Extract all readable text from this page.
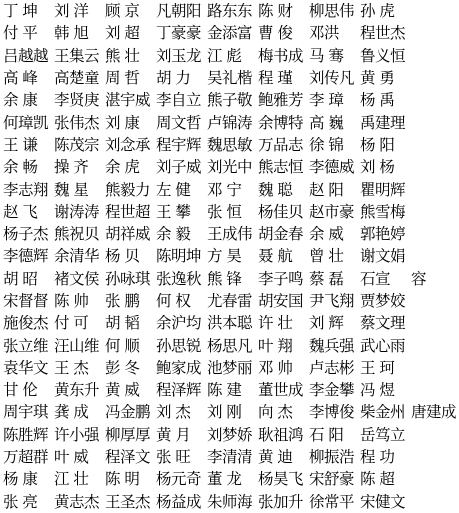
丁 坤	刘 洋	顾 京	凡朝阳 路东东 陈 财	柳思伟 孙 虎
付 平	韩 旭	刘 超	丁豪豪 金添富 曹 俊	邓洪	程世杰
吕越越 王集云 熊 壮	刘玉龙 江 彪	梅书成 马 骞	鲁义恒
高 峰	高楚童 周 哲	胡 力	吴礼楷 程 瑾	刘传凡 黄 勇
余 康	李贤庚 湛宇威 李自立 熊子敬 鲍雅芳 李 璋	杨 禹
何璋凯 张伟杰 刘 康	周文哲 卢锦涛 余博特 高 巍	禹建理
王 谦	陈茂宗 刘念承 程宇辉 魏思敏 万品志 徐 锦	杨 阳
余 畅	操 齐	余 虎	刘子威 刘光中 熊志恒 李德威 刘 杨
李志翔 魏 星	熊毅力 左 健	邓 宁	魏 聪	赵 阳	瞿明辉
赵 飞	谢涛涛 程世超 王 攀	张 恒	杨佳贝 赵市豪 熊雪梅
杨子杰 熊祝贝 胡祥威 余 毅	王成伟 胡金春 余 威	郭艳婷
李德辉 余清华 杨 贝	陈明坤 方 昊	聂 航	曾 壮	谢文娟
胡 昭	褚文侯 孙咏琪 张逸秋 熊 锋	李子鸣 蔡 磊	石宣	容
宋督督 陈 帅	张 鹏	何 权	尤春雷 胡安国 尹飞翔 贾梦姣
施俊杰 付 可	胡 韬	余沪均 洪本聪 许 壮	刘 辉	蔡文理
张立维 汪山维 何 顺	孙思锐 杨思凡 叶 翔	魏兵强 武心雨
袁华文 王 杰	彭 冬	鲍家成 池梦丽 邓 帅	卢志彬 王 珂
甘 伦	黄东升 黄 威	程泽辉 陈 建	董世成 李金攀 冯 煜
周宇琪 龚 成	冯金鹏 刘 杰	刘 刚	向 杰	李博俊 柴金州 唐建成
陈胜辉 许小强 柳厚厚 黄 月	刘梦娇 耿祖鸿 石 阳	岳笃立
万超群 叶 威	程泽文 张 旺	李清清 黄 迪	柳振浩 程 功
杨 康	江 壮	陈 明	杨元奇 董 龙	杨昊飞 宋舒豪 陈 超
张 亮	黄志杰 王圣杰 杨益成 朱师海 张加升 徐常平 宋健文
